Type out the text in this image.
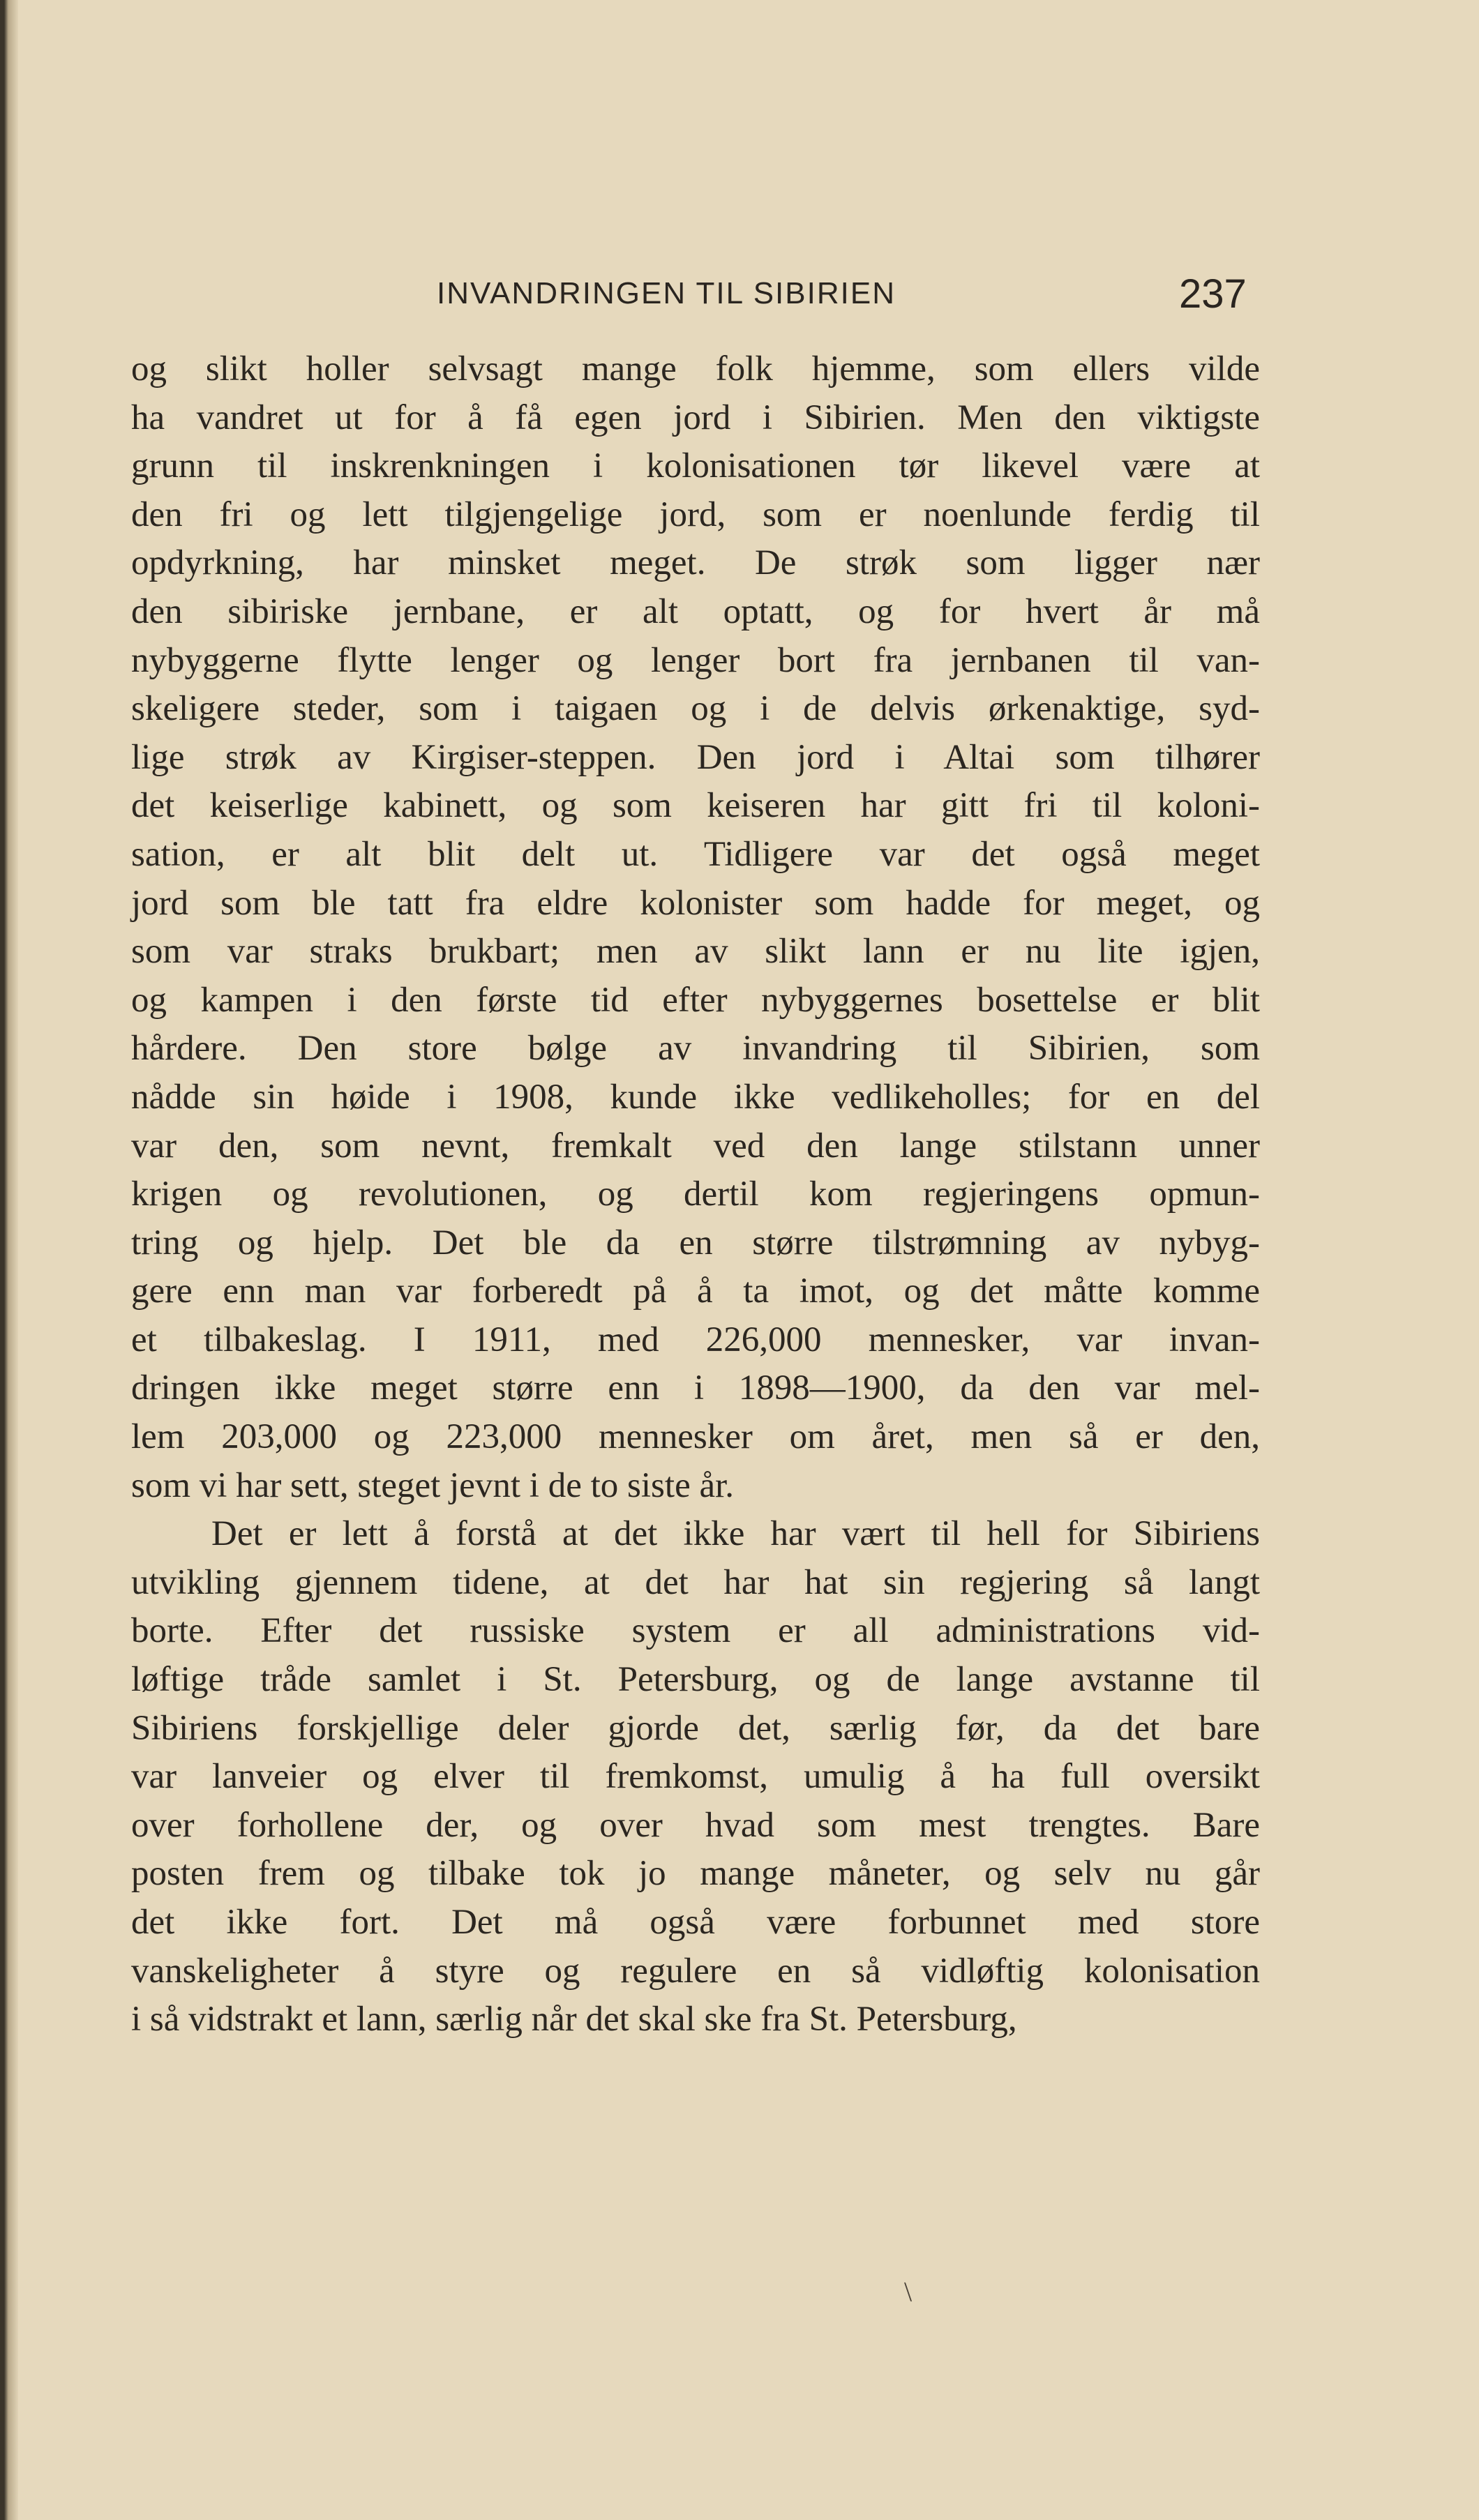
INVANDRINGEN TIL SIBIRIEN	237
og slikt holler selvsagt mange folk hjemme, som ellers vilde
ha vandret ut for å få egen jord i Sibirien. Men den viktigste
grunn til inskrenkningen i kolonisationen tør likevel være at
den fri og lett tilgjengelige jord, som er noenlunde ferdig til
opdyrkning, har minsket meget. De strøk som ligger nær
den sibiriske jernbane, er alt optatt, og for hvert år må
nybyggerne flytte lenger og lenger bort fra jernbanen til van-
skeligere steder, som i taigaen og i de delvis ørkenaktige, syd-
lige strøk av Kirgiser-steppen. Den jord i Altai som tilhører
det keiserlige kabinett, og som keiseren har gitt fri til koloni-
sation, er alt blit delt ut. Tidligere var det også meget
jord som ble tatt fra eldre kolonister som hadde for meget, og
som var straks brukbart; men av slikt lann er nu lite igjen,
og kampen i den første tid efter nybyggernes bosettelse er blit
hårdere. Den store bølge av invandring til Sibirien, som
nådde sin høide i 1908, kunde ikke vedlikeholles; for en del
var den, som nevnt, fremkalt ved den lange stilstann unner
krigen og revolutionen, og dertil kom regjeringens opmun-
tring og hjelp. Det ble da en større tilstrømning av nybyg-
gere enn man var forberedt på å ta imot, og det måtte komme
et tilbakeslag. I 1911, med 226,000 mennesker, var invan-
dringen ikke meget større enn i 1898—1900, da den var mel-
lem 203,000 og 223,000 mennesker om året, men så er den,
som vi har sett, steget jevnt i de to siste år.
Det er lett å forstå at det ikke har vært til hell for Sibiriens
utvikling gjennem tidene, at det har hat sin regjering så langt
borte. Efter det russiske system er all administrations vid-
løftige tråde samlet i St. Petersburg, og de lange avstanne til
Sibiriens forskjellige deler gjorde det, særlig før, da det bare
var lanveier og elver til fremkomst, umulig å ha full oversikt
over forhollene der, og over hvad som mest trengtes. Bare
posten frem og tilbake tok jo mange måneter, og selv nu går
det ikke fort. Det må også være forbunnet med store
vanskeligheter å styre og regulere en så vidløftig kolonisation
i så vidstrakt et lann, særlig når det skal ske fra St. Petersburg,
\
